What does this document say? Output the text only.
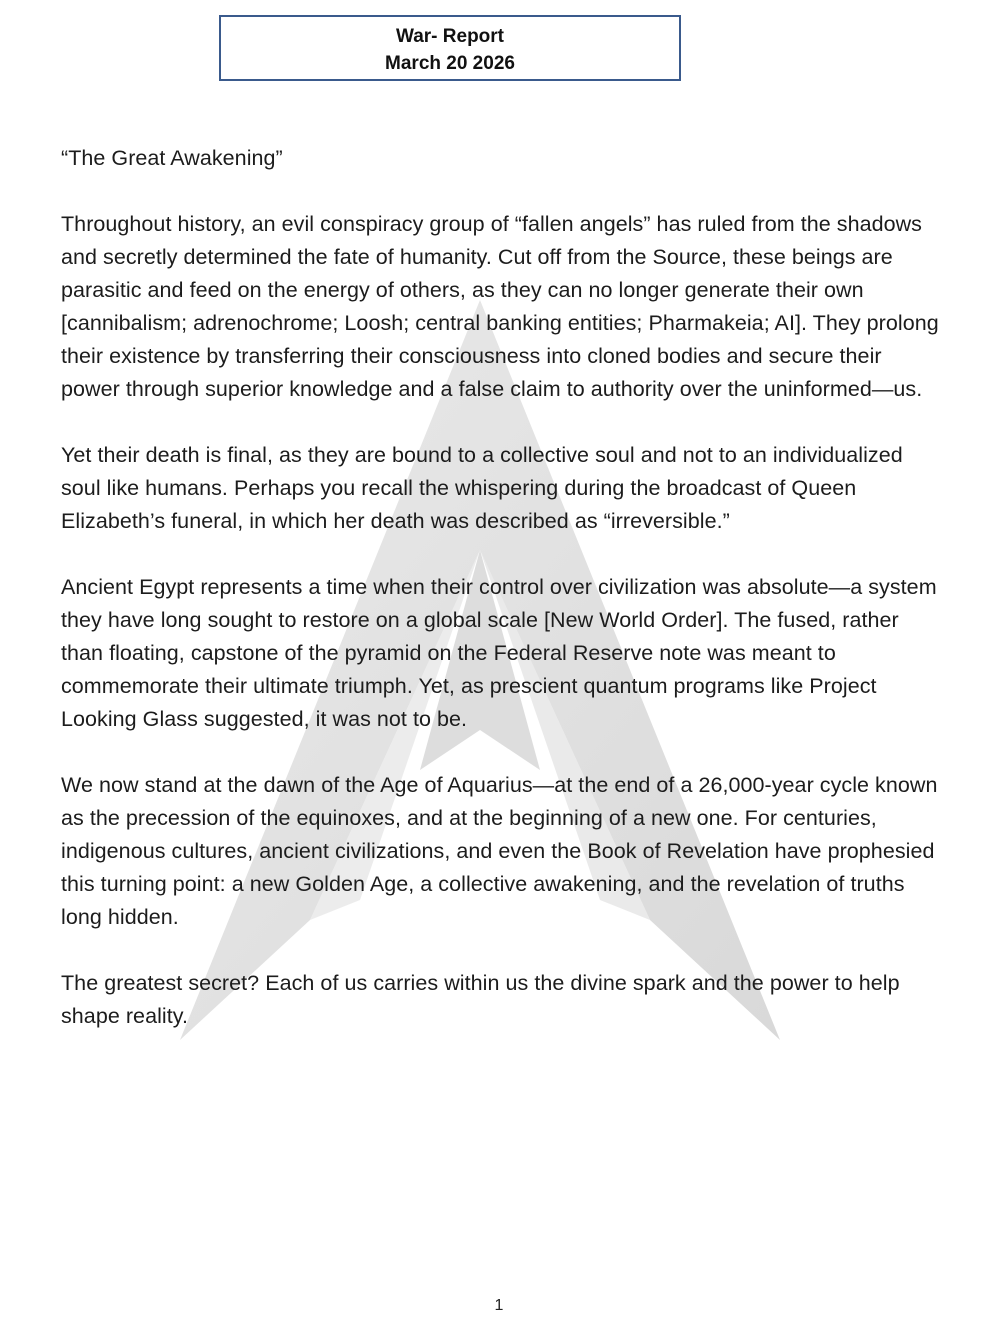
War- Report
March 20 2026

“The Great Awakening”

Throughout history, an evil conspiracy group of “fallen angels” has ruled from the shadows and secretly determined the fate of humanity. Cut off from the Source, these beings are parasitic and feed on the energy of others, as they can no longer generate their own [cannibalism; adrenochrome; Loosh; central banking entities; Pharmakeia; AI]. They prolong their existence by transferring their consciousness into cloned bodies and secure their power through superior knowledge and a false claim to authority over the uninformed—us.

Yet their death is final, as they are bound to a collective soul and not to an individualized soul like humans. Perhaps you recall the whispering during the broadcast of Queen Elizabeth’s funeral, in which her death was described as “irreversible.”

Ancient Egypt represents a time when their control over civilization was absolute—a system they have long sought to restore on a global scale [New World Order]. The fused, rather than floating, capstone of the pyramid on the Federal Reserve note was meant to commemorate their ultimate triumph. Yet, as prescient quantum programs like Project Looking Glass suggested, it was not to be.

We now stand at the dawn of the Age of Aquarius—at the end of a 26,000-year cycle known as the precession of the equinoxes, and at the beginning of a new one. For centuries, indigenous cultures, ancient civilizations, and even the Book of Revelation have prophesied this turning point: a new Golden Age, a collective awakening, and the revelation of truths long hidden.

The greatest secret? Each of us carries within us the divine spark and the power to help shape reality.

1
